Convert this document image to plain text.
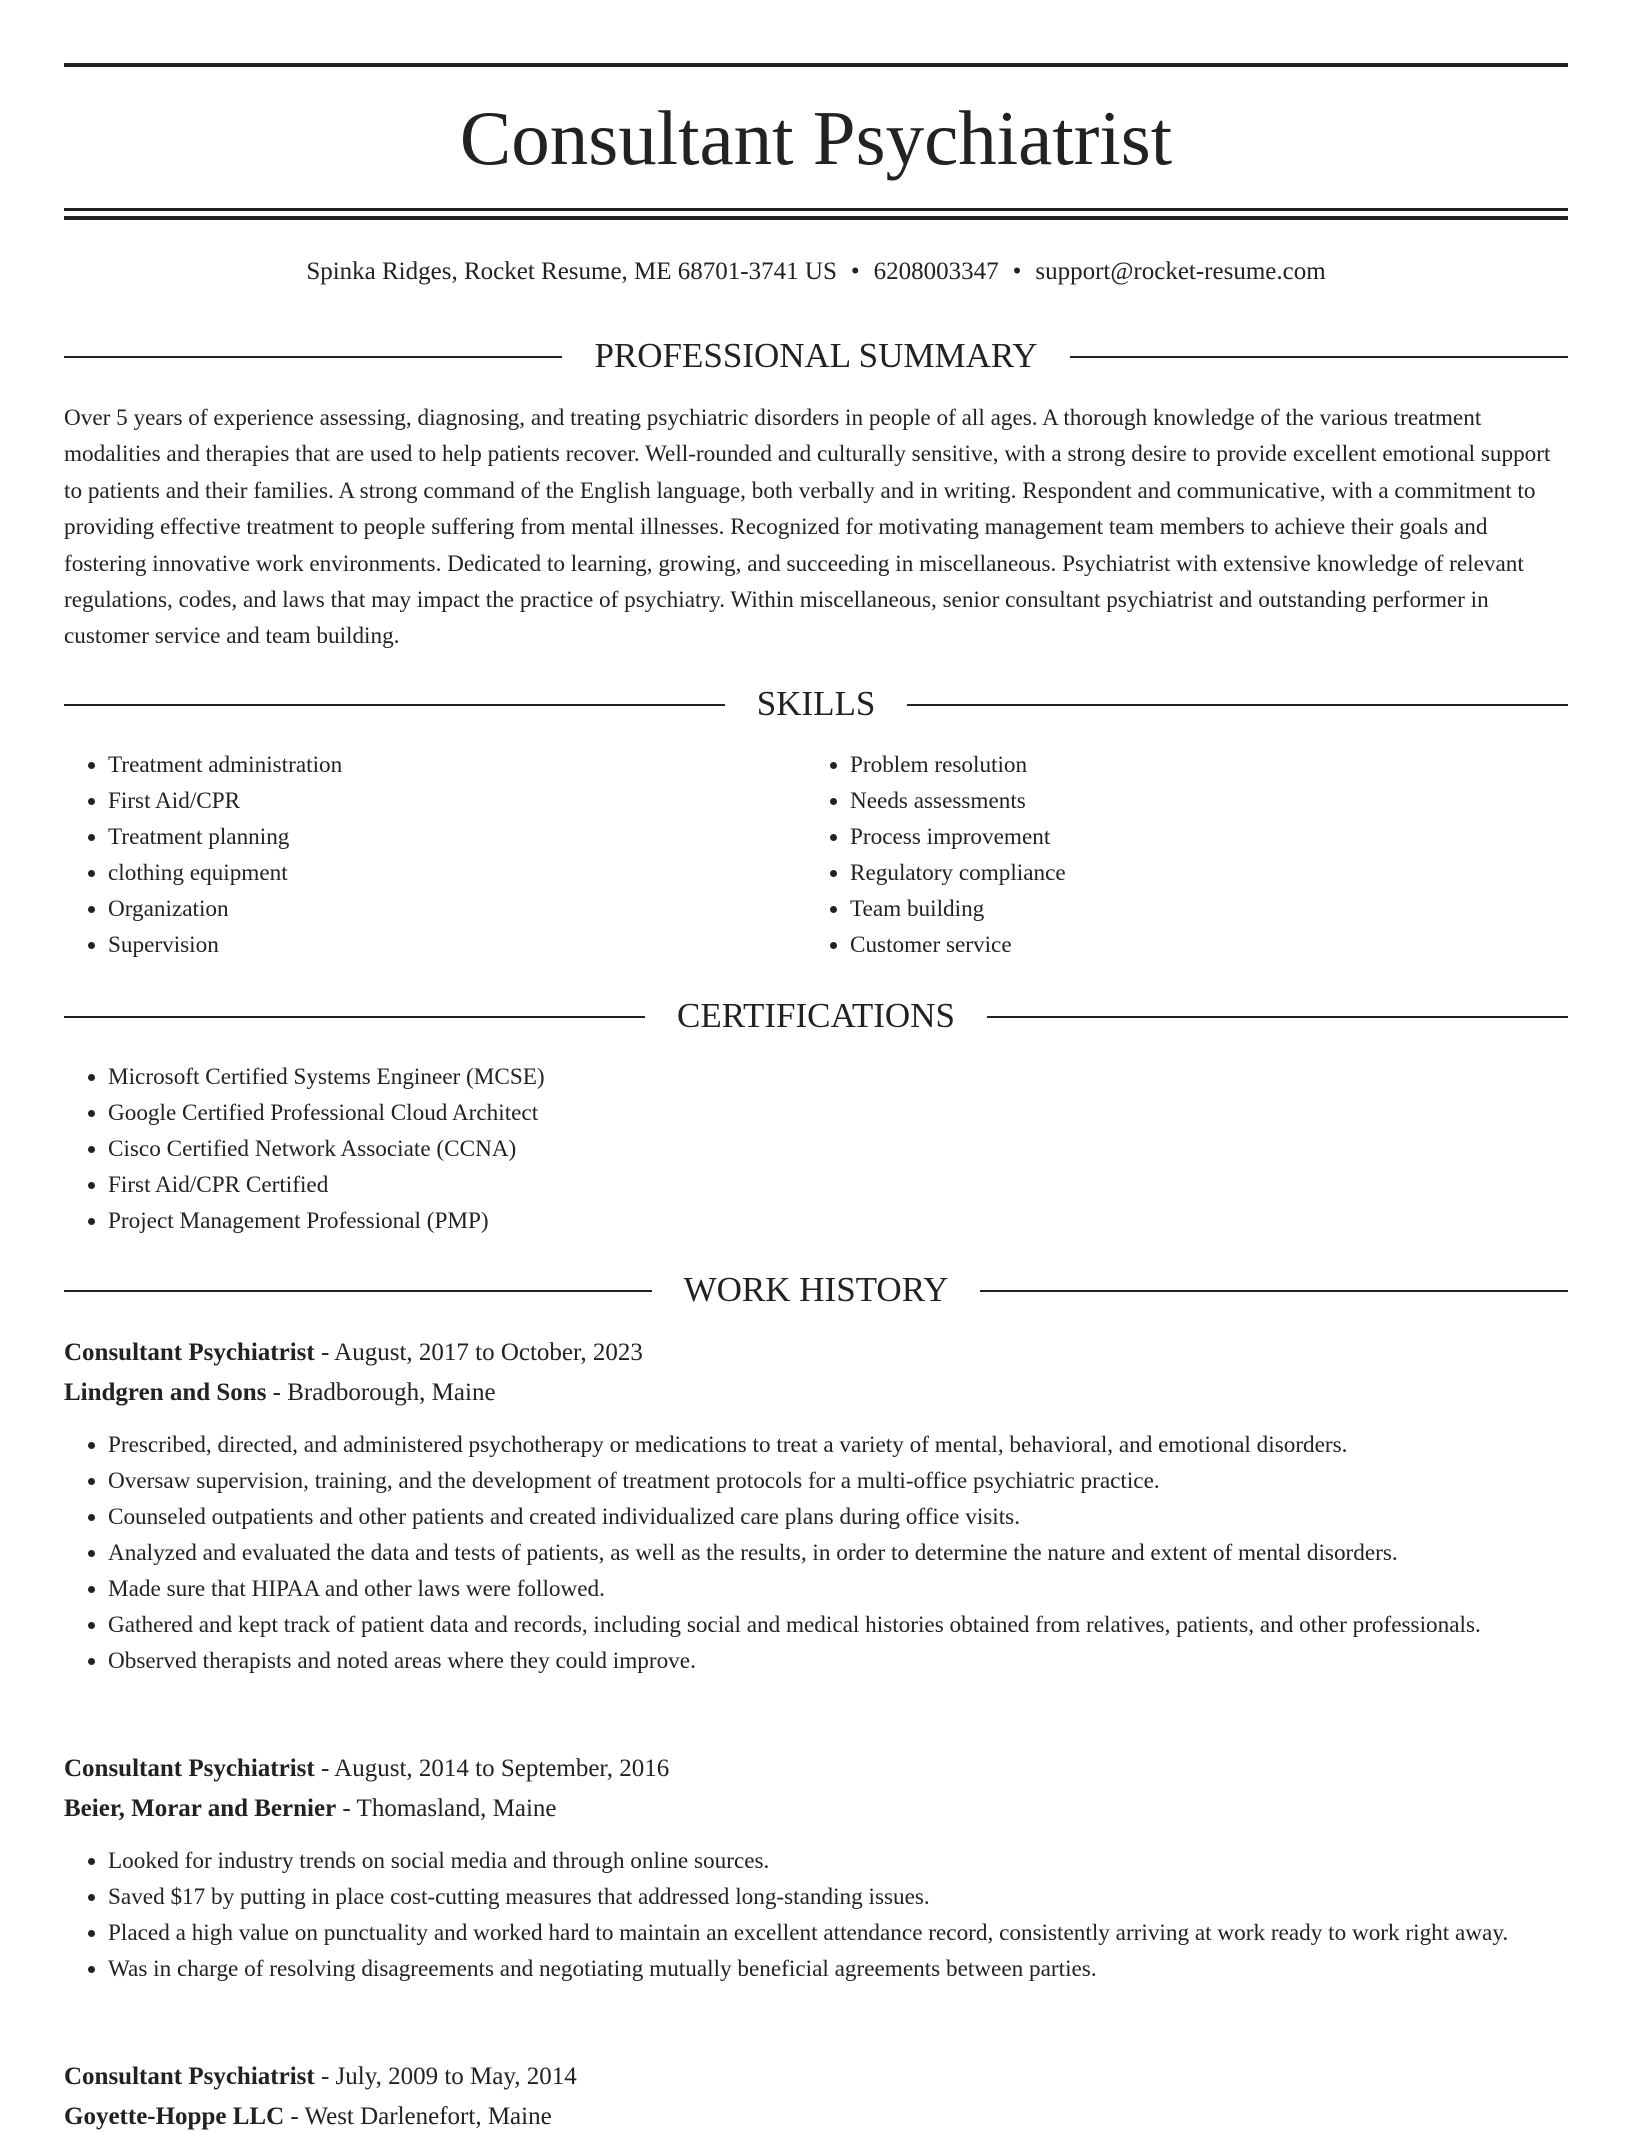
Consultant Psychiatrist
Spinka Ridges, Rocket Resume, ME 68701-3741 US • 6208003347 • support@rocket-resume.com
PROFESSIONAL SUMMARY

Over 5 years of experience assessing, diagnosing, and treating psychiatric disorders in people of all ages. A thorough knowledge of the various treatment modalities and therapies that are used to help patients recover. Well-rounded and culturally sensitive, with a strong desire to provide excellent emotional support to patients and their families. A strong command of the English language, both verbally and in writing. Respondent and communicative, with a commitment to providing effective treatment to people suffering from mental illnesses. Recognized for motivating management team members to achieve their goals and fostering innovative work environments. Dedicated to learning, growing, and succeeding in miscellaneous. Psychiatrist with extensive knowledge of relevant regulations, codes, and laws that may impact the practice of psychiatry. Within miscellaneous, senior consultant psychiatrist and outstanding performer in customer service and team building.

SKILLS
• Treatment administration
• First Aid/CPR
• Treatment planning
• clothing equipment
• Organization
• Supervision
• Problem resolution
• Needs assessments
• Process improvement
• Regulatory compliance
• Team building
• Customer service
CERTIFICATIONS
• Microsoft Certified Systems Engineer (MCSE)
• Google Certified Professional Cloud Architect
• Cisco Certified Network Associate (CCNA)
• First Aid/CPR Certified
• Project Management Professional (PMP)
WORK HISTORY
Consultant Psychiatrist - August, 2017 to October, 2023
Lindgren and Sons - Bradborough, Maine
• Prescribed, directed, and administered psychotherapy or medications to treat a variety of mental, behavioral, and emotional disorders.
• Oversaw supervision, training, and the development of treatment protocols for a multi-office psychiatric practice.
• Counseled outpatients and other patients and created individualized care plans during office visits.
• Analyzed and evaluated the data and tests of patients, as well as the results, in order to determine the nature and extent of mental disorders.
• Made sure that HIPAA and other laws were followed.
• Gathered and kept track of patient data and records, including social and medical histories obtained from relatives, patients, and other professionals.
• Observed therapists and noted areas where they could improve.
Consultant Psychiatrist - August, 2014 to September, 2016
Beier, Morar and Bernier - Thomasland, Maine
• Looked for industry trends on social media and through online sources.
• Saved $17 by putting in place cost-cutting measures that addressed long-standing issues.
• Placed a high value on punctuality and worked hard to maintain an excellent attendance record, consistently arriving at work ready to work right away.
• Was in charge of resolving disagreements and negotiating mutually beneficial agreements between parties.
Consultant Psychiatrist - July, 2009 to May, 2014
Goyette-Hoppe LLC - West Darlenefort, Maine
